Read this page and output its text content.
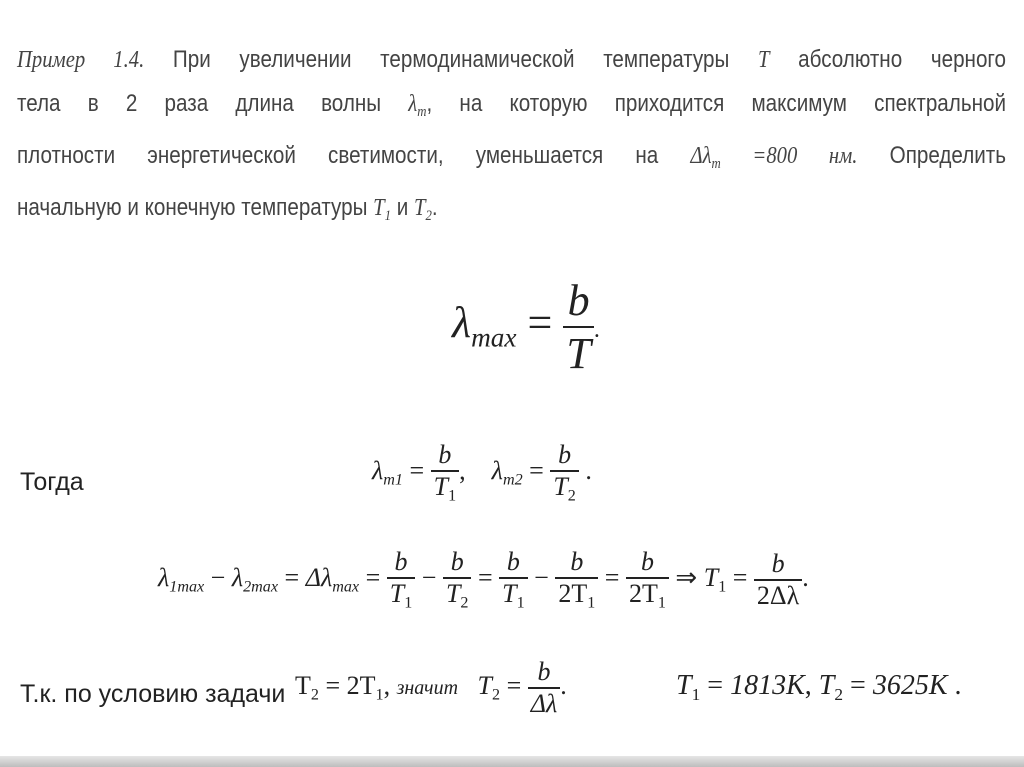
Пример 1.4. При увеличении термодинамической температуры T абсолютно черного
тела в 2 раза длина волны $\lambda_m$, на которую приходится максимум спектральной
плотности энергетической светимости, уменьшается на $\Delta\lambda_m =800$ нм. Определить
начальную и конечную температуры $T_1$ и $T_2$.
$\lambda_{max} = \frac{b}{T}$ .
Тогда	$\lambda_{m1} = \frac{b}{T_1}$ ,    $\lambda_{m2} = \frac{b}{T_2}$ .
$\lambda_{1max} - \lambda_{2max} = \Delta\lambda_{max} = \frac{b}{T_1} - \frac{b}{T_2} = \frac{b}{T_1} - \frac{b}{2T_1} = \frac{b}{2T_1}$ ⇒ $T_1 = \frac{b}{2\Delta\lambda}$ .
Т.к. по условию задачи $T_2 = 2T_1$, значит $T_2 = \frac{b}{\Delta\lambda}$ .	$T_1 = 1813K$, $T_2 = 3625K$ .
